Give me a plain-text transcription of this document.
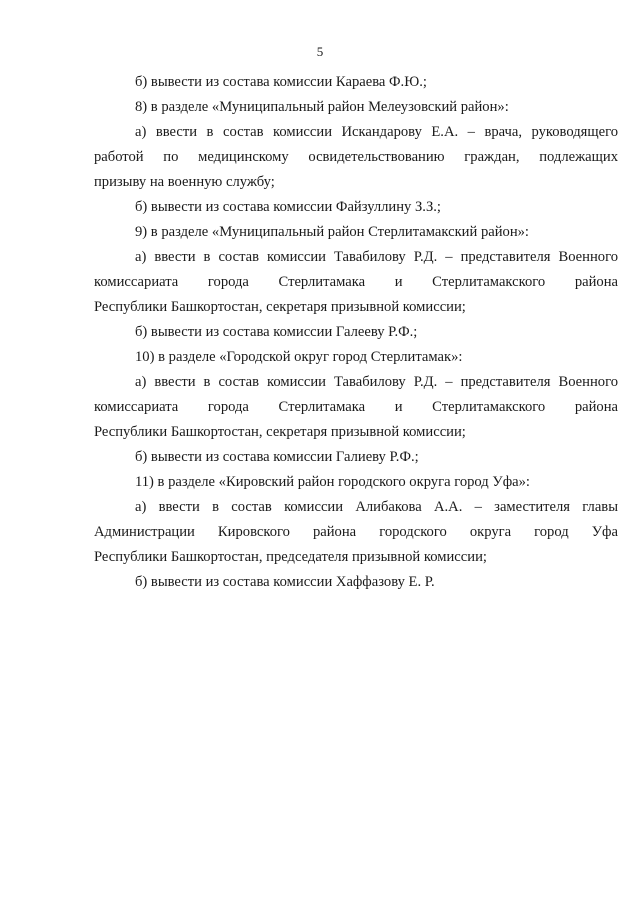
5
б) вывести из состава комиссии Караева Ф.Ю.;
8) в разделе «Муниципальный район Мелеузовский район»:
а) ввести в состав комиссии Искандарову Е.А. – врача, руководящего
работой по медицинскому освидетельствованию граждан, подлежащих
призыву на военную службу;
б) вывести из состава комиссии Файзуллину З.З.;
9) в разделе «Муниципальный район Стерлитамакский район»:
а) ввести в состав комиссии Тавабилову Р.Д. – представителя Военного
комиссариата города Стерлитамака и Стерлитамакского района
Республики Башкортостан, секретаря призывной комиссии;
б) вывести из состава комиссии Галееву Р.Ф.;
10) в разделе «Городской округ город Стерлитамак»:
а) ввести в состав комиссии Тавабилову Р.Д. – представителя Военного
комиссариата города Стерлитамака и Стерлитамакского района
Республики Башкортостан, секретаря призывной комиссии;
б) вывести из состава комиссии Галиеву Р.Ф.;
11) в разделе «Кировский район городского округа город Уфа»:
а) ввести в состав комиссии Алибакова А.А. – заместителя главы
Администрации Кировского района городского округа город Уфа
Республики Башкортостан, председателя призывной комиссии;
б) вывести из состава комиссии Хаффазову Е. Р.
